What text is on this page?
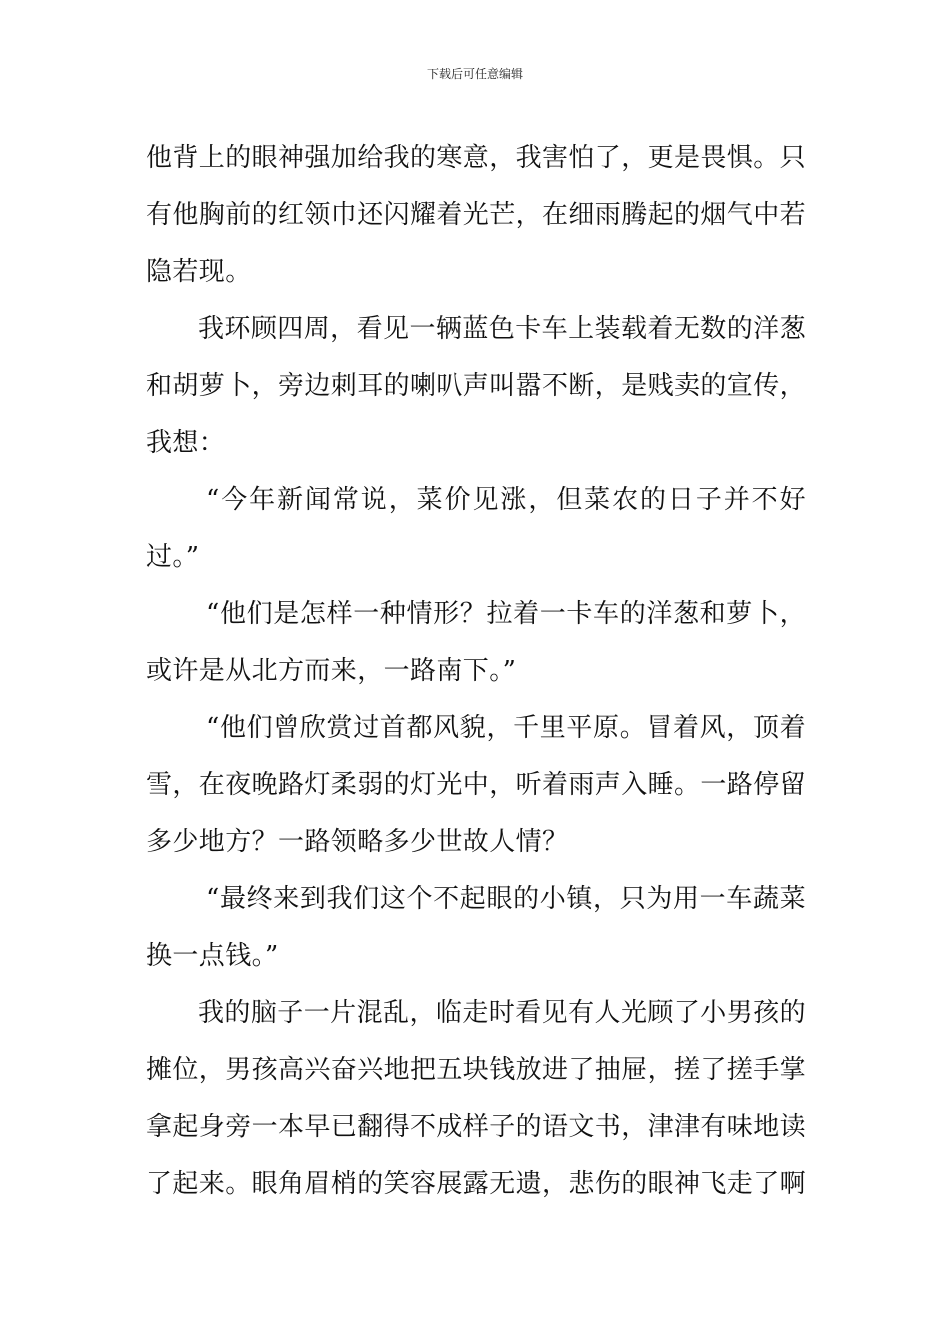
下载后可任意编辑

他背上的眼神强加给我的寒意，我害怕了，更是畏惧。只有他胸前的红领巾还闪耀着光芒，在细雨腾起的烟气中若隐若现。

我环顾四周，看见一辆蓝色卡车上装载着无数的洋葱和胡萝卜，旁边刺耳的喇叭声叫嚣不断，是贱卖的宣传，我想：

“今年新闻常说，菜价见涨，但菜农的日子并不好过。”

“他们是怎样一种情形？拉着一卡车的洋葱和萝卜，或许是从北方而来，一路南下。”

“他们曾欣赏过首都风貌，千里平原。冒着风，顶着雪，在夜晚路灯柔弱的灯光中，听着雨声入睡。一路停留多少地方？一路领略多少世故人情？

“最终来到我们这个不起眼的小镇，只为用一车蔬菜换一点钱。”

我的脑子一片混乱，临走时看见有人光顾了小男孩的摊位，男孩高兴奋兴地把五块钱放进了抽屉，搓了搓手掌拿起身旁一本早已翻得不成样子的语文书，津津有味地读了起来。眼角眉梢的笑容展露无遗，悲伤的眼神飞走了啊
